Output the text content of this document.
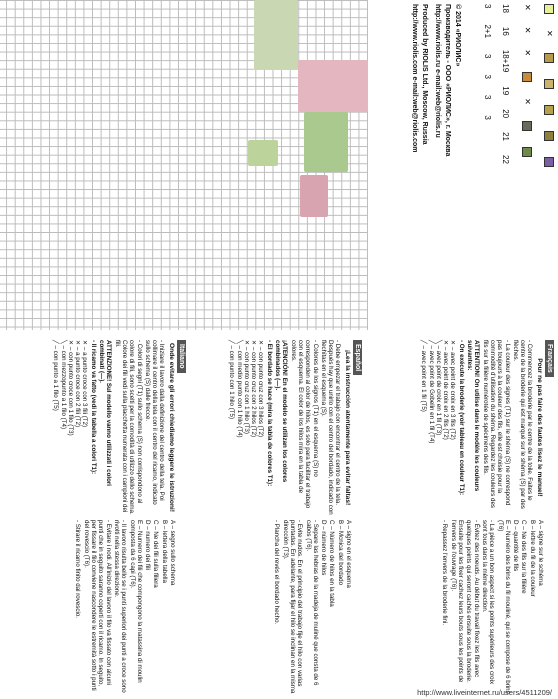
© 2014 «РИОЛИС»
Производитель - ООО «РИОЛИС», г. Москва
http://www.riolis.ru e-mail:web@riolis.ru
Produced by RIOLIS Ltd., Moscow, Russia
http://www.riolis.com e-mail:web@riolis.com	✕
✕
✕
✕
✕
18
16
18+19
19
20
21
22
3
2+1
3
3
3
3
Français
Pour ne pas faire des fautes lisez le manuel!
- Commencez la broderie par le centre de la toile. Faites le centre de la broderie qui est marqué sur le shéma (S) par des flèches.
- La couleur des signes (T1) sur le shéma (S) ne correspond pas toujours à la couleur des fils, elle est choisie pour la commodité d'utilisation du shéma. Regardez les couleurs des fils sur la filière numérotée de spécimens des fils.
ATTENTION! On utilise dans le modèle les couleurs suivantes:
- On exécute la broderie (voir tableau en couleur T1):
✕ – avec point de croix en 3 fils (T2)
✕ – avec point de croix en 2 fils (T2)
╲ – avec point de croix en 1 fil (T3)
╱ – avec point de Gobelin en 1 fil (T4)
╱ – avec point en 1 fil (T5)
A – signe sur le schéma
B – lettre du fil de la couleur
C – Ne des fils sur la filière
D – quantité de fils
E – Numéro des brins du fil mouliné, qui se compose de 6 brins (T6)
- La pièce a un bon aspect si les points supérieurs des croix sont tous dans la même direction.
- Évitez des noeuds. Au début du travail fixez les fils avec quelques points qui seront cachés ensuite sous la broderie.
Ensuite pour les fixer cachez leurs bouts sous les points de l'envers de l'ouvrage (T6).
- Repassez l'envers de la broderie fini.
Español
¡Lea la instrucción atentamente para evitar faltas!
- Debe empezar el trabajo con encontrar el centro de la tela. Después hay que unirlo con el centro del bordado, indicado con flechitas en el esquema (S).
- Colores de los signos (T1) en el esquema (S) no corresponden al color de hilos, es solo para facilitar el trabajo con el esquema. El color de los hilos mira en la tabla de colores.
¡ATENCIÓN! En el modelo se utilizan los colores combinados (—).
- El bordado se hace (mira la tabla de colores T1):
✕ – con punto cruz con 3 hilos (T2)
✕ – con punto cruz con 2 hilos (T2)
✕ – con punto cruz con 1 hilo (T3)
╲ – con medio punto con 1 hilo (T4)
╱ – con punto con 1 hilo (T5)
A – signo en el esquema
B – Mcnica del bordado
C – Número de hilos en la tabla
D – número de hilos
- Separe las hebras de la madeja de muliné que consta de 6 cabos (T6).
- Evite nudos. En el principio del trabajo fije el hilo con varias puntadas. En adelante, para fijar el hilo se inclinan en la misma dirección (T3).
- Plancha del revés el bordado hecho.
Italiano
Onde evitare gli errori chiediamo leggere le istruzioni!
- Iniziare il lavoro dalla definizione del centro della tela. Poi collimare il centro della tela con il centro del ricamo, indicato sullo schema (S) dalle frecce.
- Colori di segni (T1) sullo schema (S) non corrispondono al colore di fili, sono scelti per la comodità di utilizzo dello schema. Colore dei fili vedi sulla placchetta numerata con i campioni dei fili.
ATTENZIONE! Sul modello vanno utilizzati i colori combinati (—).
- Il ricamo va fatto (vedi la tabella a colori T1):
✕ – a punto croce con 3 fili (T2)
✕ – a punto croce con 2 fili (T2)
✕ – con punto croce con 1 filo (T3)
╲ – con mezzopunto a 1 filo (T4)
╱ – con punto a 1 filo (T5)
A – segno sullo schema
B – lettera della tabella
C – Ne dei fili sulla filiera
D – numero dei fili
E – Numero dei fili che compongono la matassina di moulin composta da 6 capi (T6).
- Il lavoro risulta bello se i punti superiori dei punti a croce sono rivolti nella stessa direzione.
- Evitare i nodi. All'inizio del lavoro il filo va fissato con alcuni punti che in seguito saranno coperti con il ricamo. In seguito, per fissare il filo conviene nascondere le estremità sotto i punti del rovescio (T6).
- Stirare il ricamo finito dal rovescio.
http://www.liveinternet.ru/users/4511209/
